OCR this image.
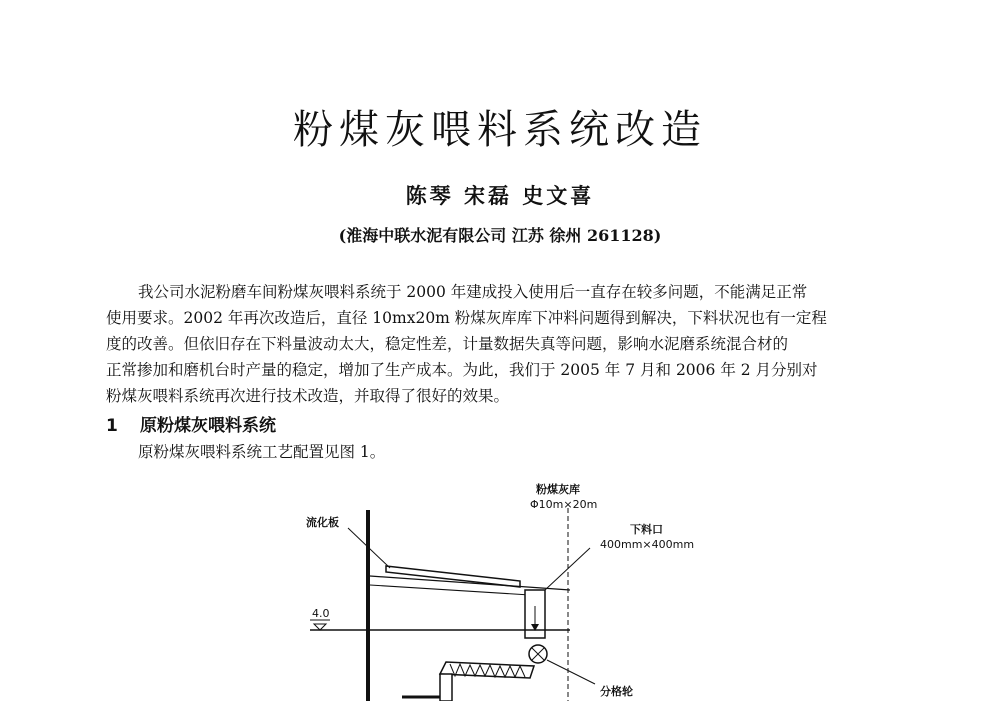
粉煤灰喂料系统改造

陈琴 宋磊 史文喜

(淮海中联水泥有限公司 江苏 徐州 261128)

我公司水泥粉磨车间粉煤灰喂料系统于 2000 年建成投入使用后一直存在较多问题，不能满足正常
使用要求。2002 年再次改造后，直径 10mx20m 粉煤灰库库下冲料问题得到解决，下料状况也有一定程
度的改善。但依旧存在下料量波动太大，稳定性差，计量数据失真等问题，影响水泥磨系统混合材的
正常掺加和磨机台时产量的稳定，增加了生产成本。为此，我们于 2005 年 7 月和 2006 年 2 月分别对
粉煤灰喂料系统再次进行技术改造，并取得了很好的效果。

1 原粉煤灰喂料系统

原粉煤灰喂料系统工艺配置见图 1。

粉煤灰库
Φ10m×20m
流化板
下料口
400mm×400mm
4.0
分格轮
